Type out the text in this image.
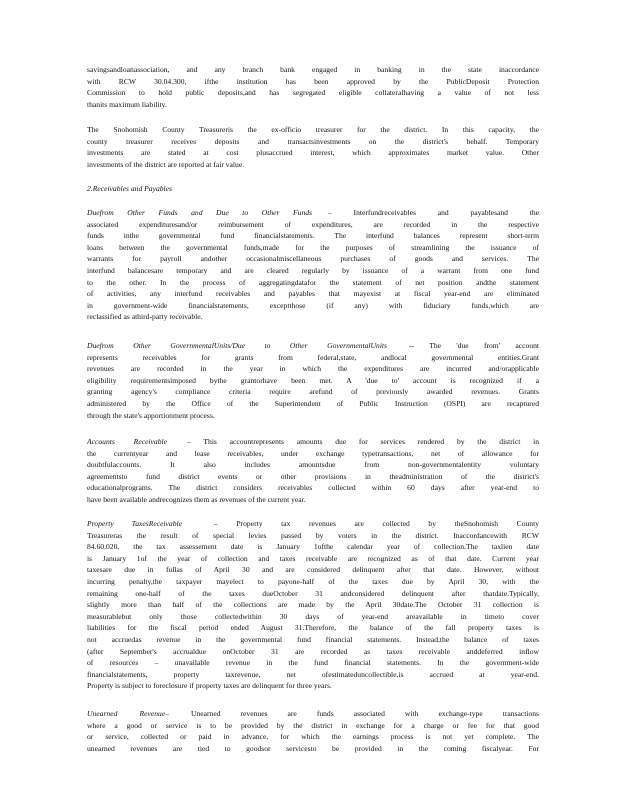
savingsandloanassociation, and any branch bank engaged in banking in the state inaccordance
with RCW 30.04.300, ifthe institution has been approved by the PublicDeposit Protection
Commission to hold public deposits,and has segregated eligible collateralhaving a value of not less
thanits maximum liability.
The Snohomish County Treasureris the ex-officio treasurer for the district. In this capacity, the
county treasurer receives deposits and transactsinvestments on the district's behalf. Temporary
investments are stated at cost plusaccrued interest, which approximates market value. Other
investments of the district are reported at fair value.
2.Receivables and Payables
Duefrom Other Funds and Due to Other Funds – Interfundreceivables and payablesand the
associated expendituresand/or reimbursement of expenditures, are recorded in the respective
funds inthe governmental fund financialstatements. The interfund balances represent short-term
loans between the governmental funds,made for the purposes of streamlining the issuance of
warrants for payroll andother occasionalmiscellaneous purchases of goods and services. The
interfund balancesare temporary and are cleared regularly by issuance of a warrant from one fund
to the other. In the process of aggregatingdatafor the statement of net position andthe statement
of activities, any interfund receivables and payables that mayexist at fiscal year-end are eliminated
in government-wide financialstatements, exceptthose (if any) with fiduciary funds,which are
reclassified as athird-party receivable.
Duefrom Other GovernmentalUnits/Due to Other GovernmentalUnits	-- The 'due from' account
represents receivables for grants from federal,state, andlocal governmental entities.Grant
revenues are recorded in the year in which the expenditures are incurred and/orapplicable
eligibility requirementsimposed bythe grantorhave been met. A 'due to' account is recognized if a
granting agency's compliance criteria require arefund of previously awarded revenues. Grants
administered by the Office of the Superintendent of Public Instruction (OSPI) are recaptured
through the state's apportionment process.
Accounts Receivable	– This accountrepresents amounts due for services rendered by the district in
the currentyear and lease receivables, under exchange typetransactions, net of allowance for
doubtfulaccounts. It also includes amountsdue from non-governmentalentity voluntary
agreementsto fund district events or other provisions in theadministration of the district's
educationalprograms. The district considers receivables collected within 60 days after year-end to
have been available andrecognizes them as revenues of the current year.
Property TaxesReceivable	– Property tax revenues are collected by theSnohomish County
Treasureras the result of special levies passed by voters in the district. Inaccordancewith RCW
84.60.020, the tax assessement date is January 1ofthe calendar year of collection.The taxlien date
is January 1of the year of collection and taxes receivable are recognized as of that date. Current year
taxesare due in fullas of April 30 and are considered delinquent after that date. However, without
incurring penalty,the taxpayer mayelect to payone-half of the taxes due by April 30, with the
remaining one-half of the taxes dueOctober 31 andconsidered delinquent after thatdate.Typically,
slightly more than half of the collections are made by the April 30date.The October 31 collection is
measurablebut only those collectedwithin 30 days of year-end areavailable in timeto cover
liabilities for the fiscal period ended August 31.Therefore, the balance of the fall property taxes is
not accruedas revenue in the governmental fund financial statements. Instead,the balance of taxes
(after September's accrualdue onOctober 31 are recorded as taxes receivable anddeferred inflow
of resources – unavailable revenue in the fund financial statements. In the government-wide
financialstatements, property taxrevenue, net ofestimateduncollectible,is accrued at year-end.
Property is subject to foreclosure if property taxes are delinquent for three years.
Unearned Revenue–	Unearned revenues are funds associated with exchange-type transactions
where a good or service is to be provided by the district in exchange for a charge or fee for that good
or service, collected or paid in advance, for which the earnings process is not yet complete. The
unearned revenues are tied to goodsor servicesto be provided in the coming fiscalyear. For
